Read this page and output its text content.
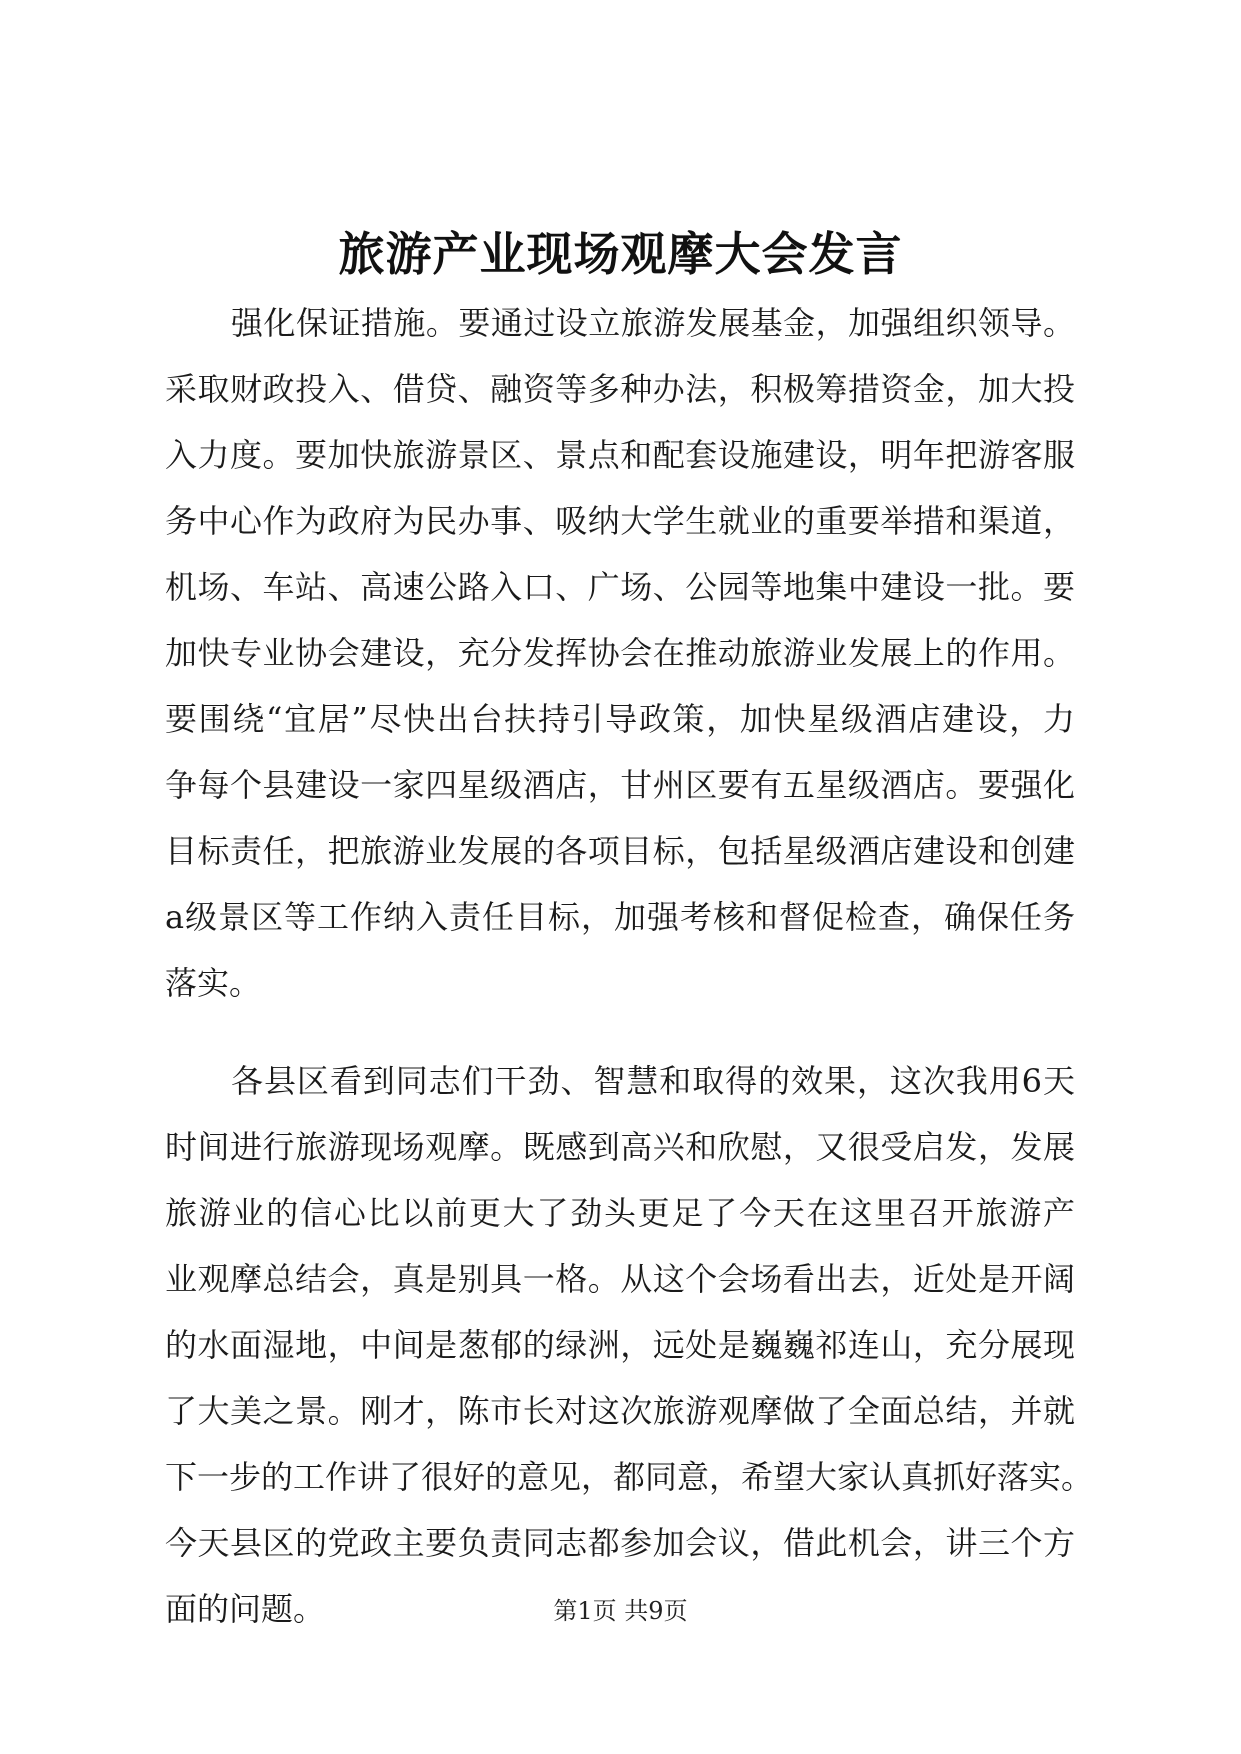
旅游产业现场观摩大会发言
强化保证措施。要通过设立旅游发展基金，加强组织领导。
采取财政投入、借贷、融资等多种办法，积极筹措资金，加大投
入力度。要加快旅游景区、景点和配套设施建设，明年把游客服
务中心作为政府为民办事、吸纳大学生就业的重要举措和渠道，
机场、车站、高速公路入口、广场、公园等地集中建设一批。要
加快专业协会建设，充分发挥协会在推动旅游业发展上的作用。
要围绕“宜居”尽快出台扶持引导政策，加快星级酒店建设，力
争每个县建设一家四星级酒店，甘州区要有五星级酒店。要强化
目标责任，把旅游业发展的各项目标，包括星级酒店建设和创建
a级景区等工作纳入责任目标，加强考核和督促检查，确保任务
落实。
各县区看到同志们干劲、智慧和取得的效果，这次我用6天
时间进行旅游现场观摩。既感到高兴和欣慰，又很受启发，发展
旅游业的信心比以前更大了劲头更足了今天在这里召开旅游产
业观摩总结会，真是别具一格。从这个会场看出去，近处是开阔
的水面湿地，中间是葱郁的绿洲，远处是巍巍祁连山，充分展现
了大美之景。刚才，陈市长对这次旅游观摩做了全面总结，并就
下一步的工作讲了很好的意见，都同意，希望大家认真抓好落实。
今天县区的党政主要负责同志都参加会议，借此机会，讲三个方
面的问题。	第1页 共9页
